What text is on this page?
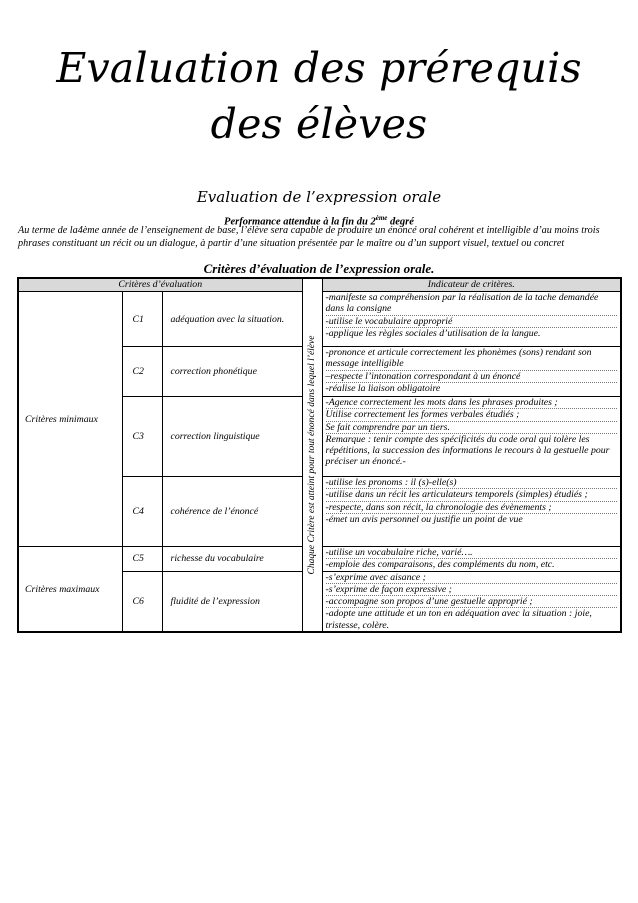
Evaluation des prérequis
des élèves
Evaluation de l’expression orale
Performance attendue à la fin du 2ème degré
Au terme de la4ème année de l’enseignement de base, l’élève sera capable de produire un énoncé oral cohérent et intelligible d’au moins trois phrases constituant un récit ou un dialogue, à partir d’une situation présentée par le maître ou d’un support visuel, textuel ou concret
Critères d’évaluation de l’expression orale.
Critères d’évaluation			Chaque Critère est atteint pour tout énoncé dans lequel l’élève	Indicateur de critères.
Critères minimaux	C1	adéquation avec la situation.		-manifeste sa compréhension par la réalisation de la tache demandée dans la consigne
-utilise le vocabulaire approprié
-applique les règles sociales d’utilisation de la langue.

	C2	correction phonétique		-prononce et articule correctement les phonèmes (sons) rendant son message intelligible
–respecte l’intonation correspondant à un énoncé
-réalise la liaison obligatoire

	C3	correction linguistique		-Agence correctement les mots dans les phrases produites ;
Utilise correctement les formes verbales étudiés ;
Se fait comprendre par un tiers.
Remarque : tenir compte des spécificités du code oral qui tolère les répétitions, la succession des informations le recours à la gestuelle pour préciser un énoncé.-

	C4	cohérence de l’énoncé		-utilise les pronoms : il (s)-elle(s)
-utilise dans un récit les articulateurs temporels (simples) étudiés ;
-respecte, dans son récit, la chronologie des évènements ;
-émet un avis personnel ou justifie un point de vue

Critères maximaux	C5	richesse du vocabulaire		-utilise un vocabulaire riche, varié….
-emploie des comparaisons, des compléments du nom, etc.

	C6	fluidité de l’expression		-s’exprime avec aisance ;
-s’exprime de façon expressive ;
-accompagne son propos d’une gestuelle approprié ;
-adopte une attitude et un ton en adéquation avec la situation : joie, tristesse, colère.
